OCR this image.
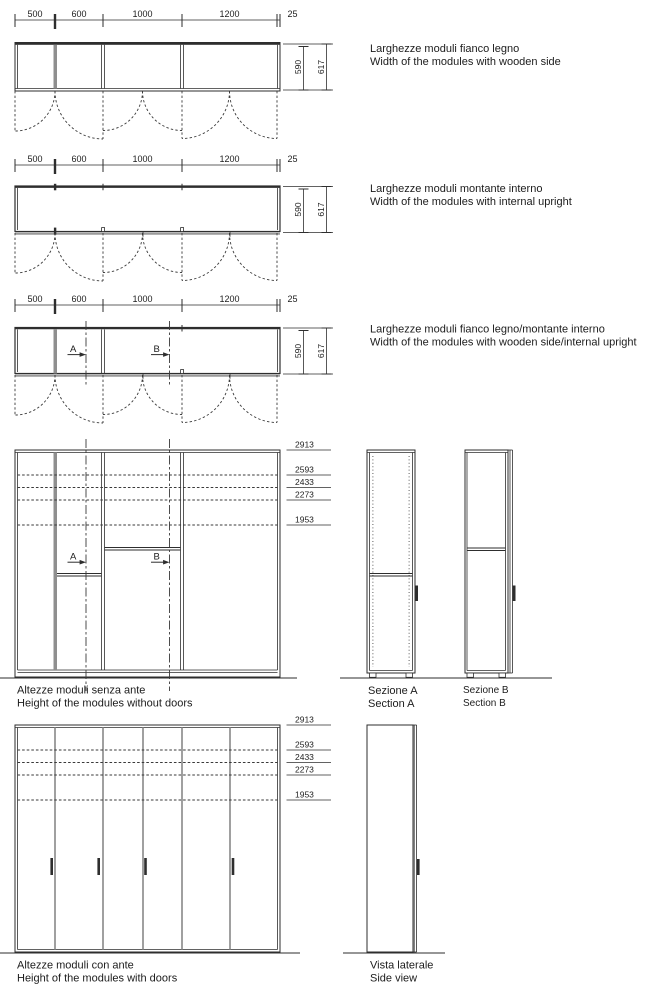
500	600	1000	1200	25
590 617
Larghezze moduli fianco legno
Width of the modules with wooden side
500	600	1000	1200	25
590 617
Larghezze moduli montante interno
Width of the modules with internal upright
500	600	1000	1200	25
A	B	590 617
Larghezze moduli fianco legno/montante interno
Width of the modules with wooden side/internal upright
A	B
2913
2593
2433
2273
1953
Altezze moduli senza ante
Height of the modules without doors
Sezione A
Section A
Sezione B
Section B
2913
2593
2433
2273
1953
Altezze moduli con ante
Height of the modules with doors
Vista laterale
Side view
